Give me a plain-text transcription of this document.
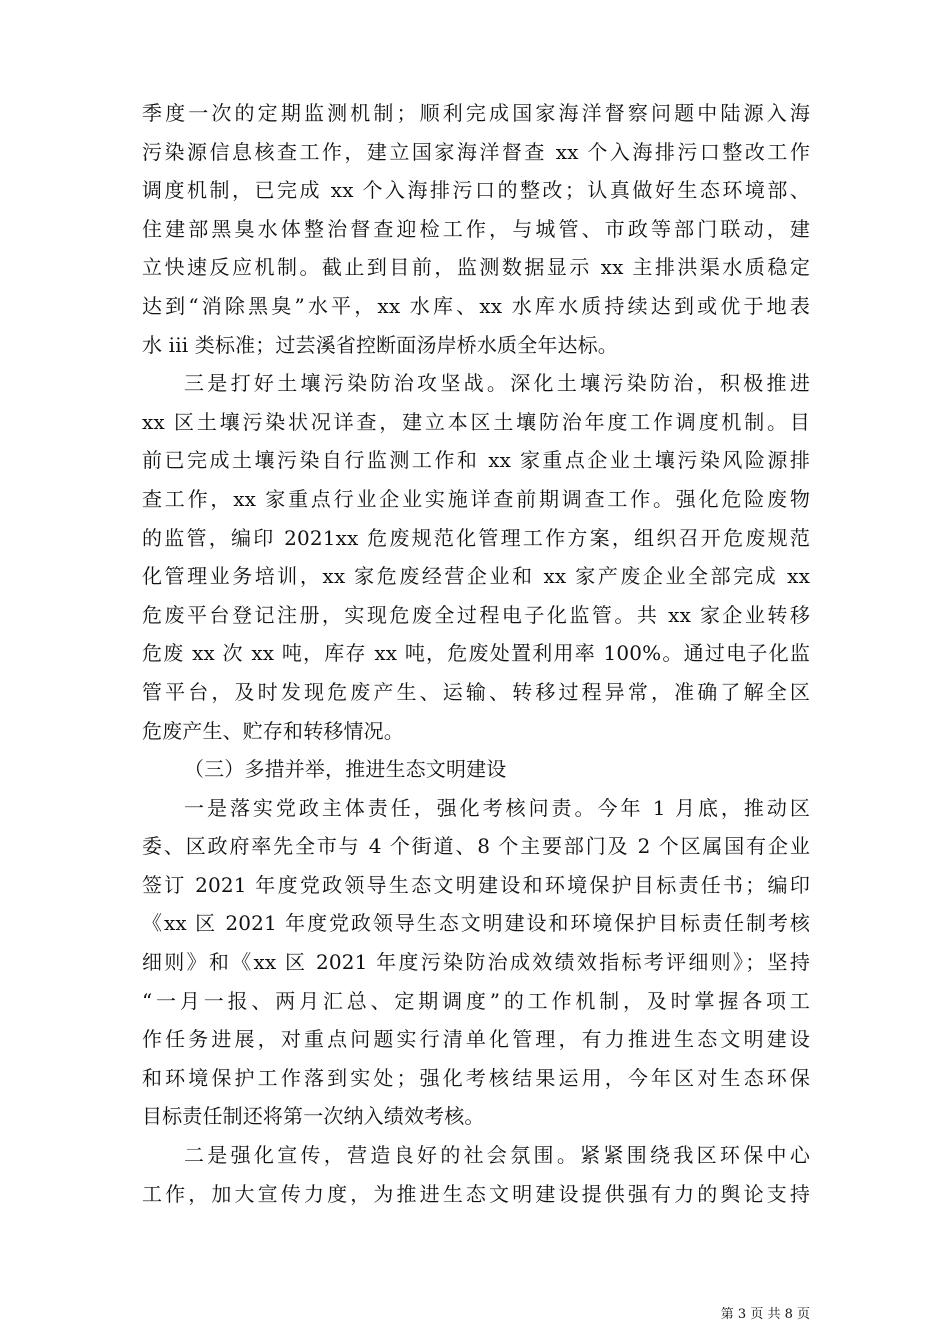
季度一次的定期监测机制；顺利完成国家海洋督察问题中陆源入海
污染源信息核查工作，建立国家海洋督查 xx 个入海排污口整改工作
调度机制，已完成 xx 个入海排污口的整改；认真做好生态环境部、
住建部黑臭水体整治督查迎检工作，与城管、市政等部门联动，建
立快速反应机制。截止到目前，监测数据显示 xx 主排洪渠水质稳定
达到“消除黑臭”水平，xx 水库、xx 水库水质持续达到或优于地表
水 iii 类标准；过芸溪省控断面汤岸桥水质全年达标。
三是打好土壤污染防治攻坚战。深化土壤污染防治，积极推进
xx 区土壤污染状况详查，建立本区土壤防治年度工作调度机制。目
前已完成土壤污染自行监测工作和 xx 家重点企业土壤污染风险源排
查工作，xx 家重点行业企业实施详查前期调查工作。强化危险废物
的监管，编印 2021xx 危废规范化管理工作方案，组织召开危废规范
化管理业务培训，xx 家危废经营企业和 xx 家产废企业全部完成 xx
危废平台登记注册，实现危废全过程电子化监管。共 xx 家企业转移
危废 xx 次 xx 吨，库存 xx 吨，危废处置利用率 100%。通过电子化监
管平台，及时发现危废产生、运输、转移过程异常，准确了解全区
危废产生、贮存和转移情况。
（三）多措并举，推进生态文明建设
一是落实党政主体责任，强化考核问责。今年 1 月底，推动区
委、区政府率先全市与 4 个街道、8 个主要部门及 2 个区属国有企业
签订 2021 年度党政领导生态文明建设和环境保护目标责任书；编印
《xx 区 2021 年度党政领导生态文明建设和环境保护目标责任制考核
细则》和《xx 区 2021 年度污染防治成效绩效指标考评细则》；坚持
“一月一报、两月汇总、定期调度”的工作机制，及时掌握各项工
作任务进展，对重点问题实行清单化管理，有力推进生态文明建设
和环境保护工作落到实处；强化考核结果运用，今年区对生态环保
目标责任制还将第一次纳入绩效考核。
二是强化宣传，营造良好的社会氛围。紧紧围绕我区环保中心
工作，加大宣传力度，为推进生态文明建设提供强有力的舆论支持
第 3 页 共 8 页
